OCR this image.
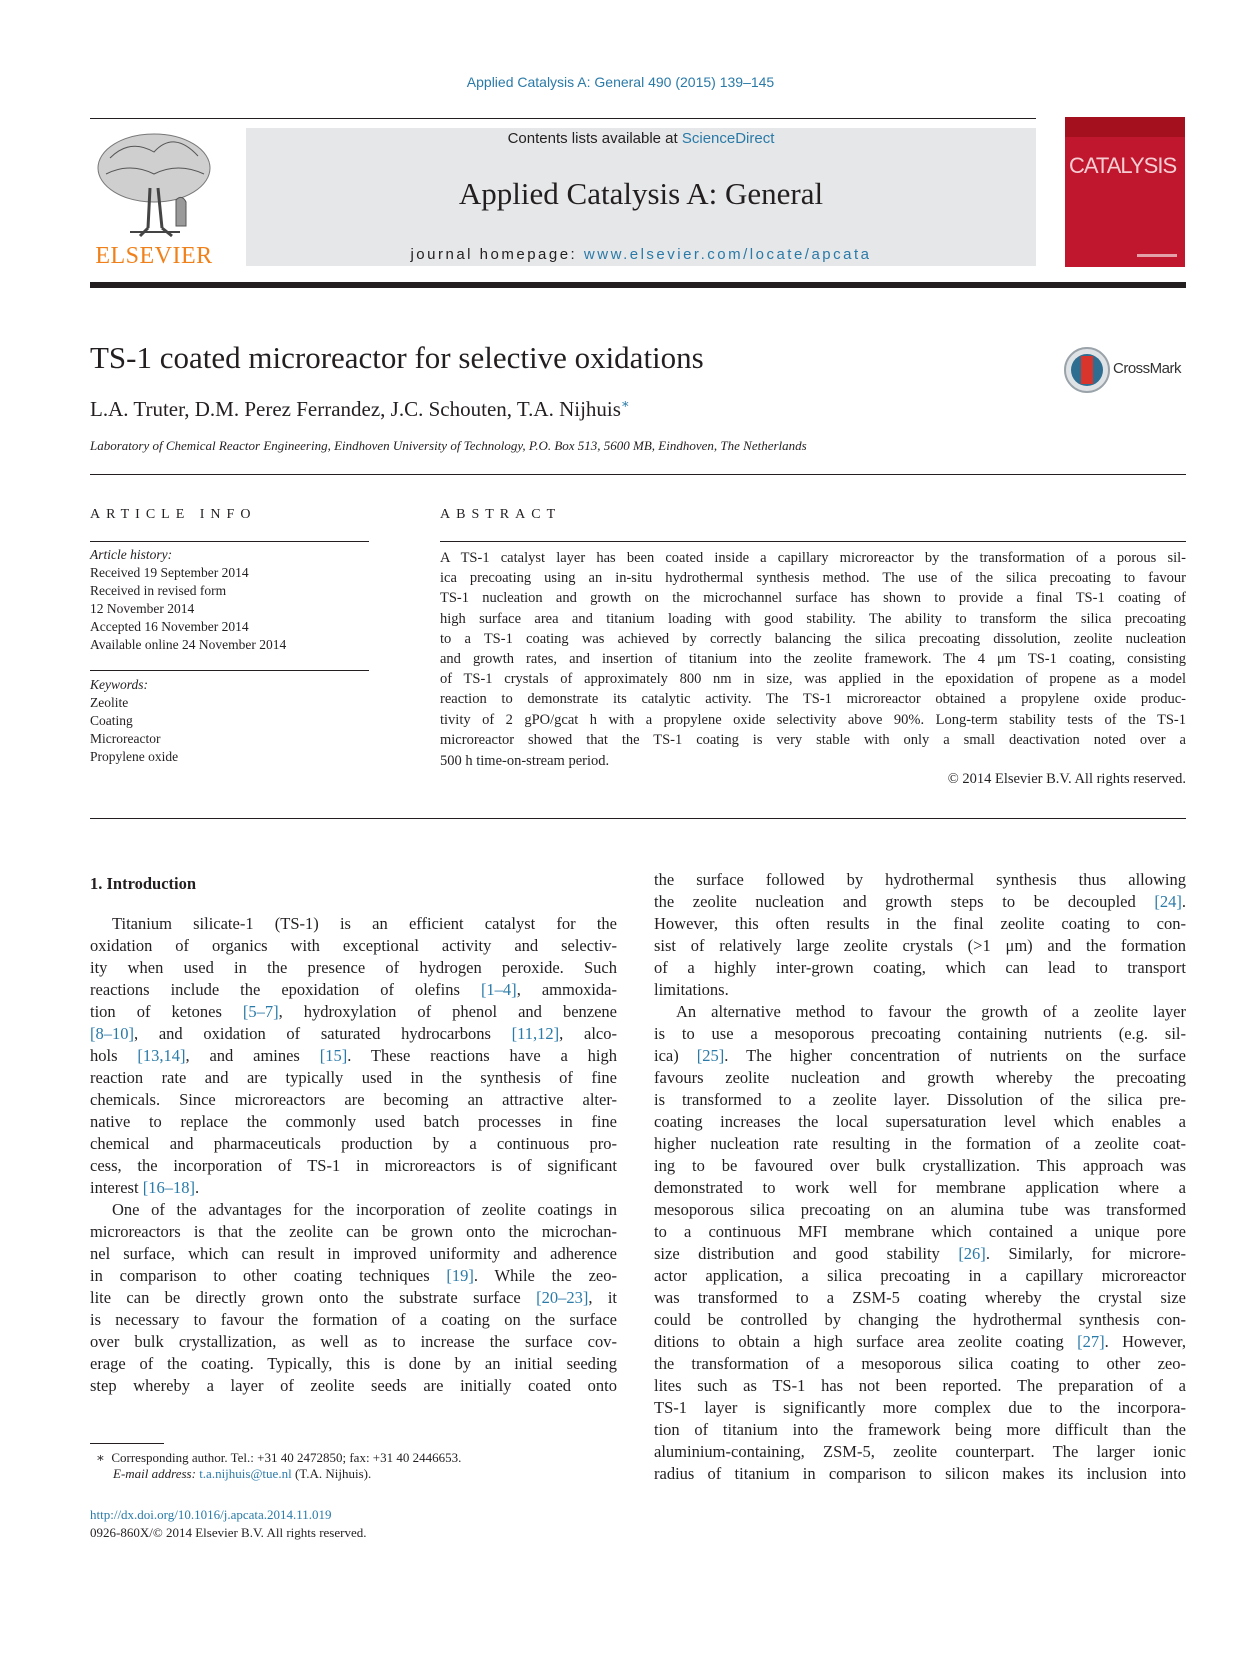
Applied Catalysis A: General 490 (2015) 139–145
ELSEVIER
Contents lists available at ScienceDirect
Applied Catalysis A: General
journal homepage: www.elsevier.com/locate/apcata
CATALYSIS
TS-1 coated microreactor for selective oxidations	CrossMark
L.A. Truter, D.M. Perez Ferrandez, J.C. Schouten, T.A. Nijhuis∗
Laboratory of Chemical Reactor Engineering, Eindhoven University of Technology, P.O. Box 513, 5600 MB, Eindhoven, The Netherlands
ARTICLE INFO
Article history:
Received 19 September 2014
Received in revised form
12 November 2014
Accepted 16 November 2014
Available online 24 November 2014
Keywords:
Zeolite
Coating
Microreactor
Propylene oxide
ABSTRACT
A TS-1 catalyst layer has been coated inside a capillary microreactor by the transformation of a porous sil-
ica precoating using an in-situ hydrothermal synthesis method. The use of the silica precoating to favour
TS-1 nucleation and growth on the microchannel surface has shown to provide a final TS-1 coating of
high surface area and titanium loading with good stability. The ability to transform the silica precoating
to a TS-1 coating was achieved by correctly balancing the silica precoating dissolution, zeolite nucleation
and growth rates, and insertion of titanium into the zeolite framework. The 4 μm TS-1 coating, consisting
of TS-1 crystals of approximately 800 nm in size, was applied in the epoxidation of propene as a model
reaction to demonstrate its catalytic activity. The TS-1 microreactor obtained a propylene oxide produc-
tivity of 2 gPO/gcat h with a propylene oxide selectivity above 90%. Long-term stability tests of the TS-1
microreactor showed that the TS-1 coating is very stable with only a small deactivation noted over a
500 h time-on-stream period.
© 2014 Elsevier B.V. All rights reserved.
1. Introduction
Titanium silicate-1 (TS-1) is an efficient catalyst for the
oxidation of organics with exceptional activity and selectiv-
ity when used in the presence of hydrogen peroxide. Such
reactions include the epoxidation of olefins [1–4], ammoxida-
tion of ketones [5–7], hydroxylation of phenol and benzene
[8–10], and oxidation of saturated hydrocarbons [11,12], alco-
hols [13,14], and amines [15]. These reactions have a high
reaction rate and are typically used in the synthesis of fine
chemicals. Since microreactors are becoming an attractive alter-
native to replace the commonly used batch processes in fine
chemical and pharmaceuticals production by a continuous pro-
cess, the incorporation of TS-1 in microreactors is of significant
interest [16–18].
One of the advantages for the incorporation of zeolite coatings in
microreactors is that the zeolite can be grown onto the microchan-
nel surface, which can result in improved uniformity and adherence
in comparison to other coating techniques [19]. While the zeo-
lite can be directly grown onto the substrate surface [20–23], it
is necessary to favour the formation of a coating on the surface
over bulk crystallization, as well as to increase the surface cov-
erage of the coating. Typically, this is done by an initial seeding
step whereby a layer of zeolite seeds are initially coated onto
the surface followed by hydrothermal synthesis thus allowing
the zeolite nucleation and growth steps to be decoupled [24].
However, this often results in the final zeolite coating to con-
sist of relatively large zeolite crystals (>1 μm) and the formation
of a highly inter-grown coating, which can lead to transport
limitations.
An alternative method to favour the growth of a zeolite layer
is to use a mesoporous precoating containing nutrients (e.g. sil-
ica) [25]. The higher concentration of nutrients on the surface
favours zeolite nucleation and growth whereby the precoating
is transformed to a zeolite layer. Dissolution of the silica pre-
coating increases the local supersaturation level which enables a
higher nucleation rate resulting in the formation of a zeolite coat-
ing to be favoured over bulk crystallization. This approach was
demonstrated to work well for membrane application where a
mesoporous silica precoating on an alumina tube was transformed
to a continuous MFI membrane which contained a unique pore
size distribution and good stability [26]. Similarly, for microre-
actor application, a silica precoating in a capillary microreactor
was transformed to a ZSM-5 coating whereby the crystal size
could be controlled by changing the hydrothermal synthesis con-
ditions to obtain a high surface area zeolite coating [27]. However,
the transformation of a mesoporous silica coating to other zeo-
lites such as TS-1 has not been reported. The preparation of a
TS-1 layer is significantly more complex due to the incorpora-
tion of titanium into the framework being more difficult than the
aluminium-containing, ZSM-5, zeolite counterpart. The larger ionic
radius of titanium in comparison to silicon makes its inclusion into
∗ Corresponding author. Tel.: +31 40 2472850; fax: +31 40 2446653.
E-mail address: t.a.nijhuis@tue.nl (T.A. Nijhuis).
http://dx.doi.org/10.1016/j.apcata.2014.11.019
0926-860X/© 2014 Elsevier B.V. All rights reserved.
